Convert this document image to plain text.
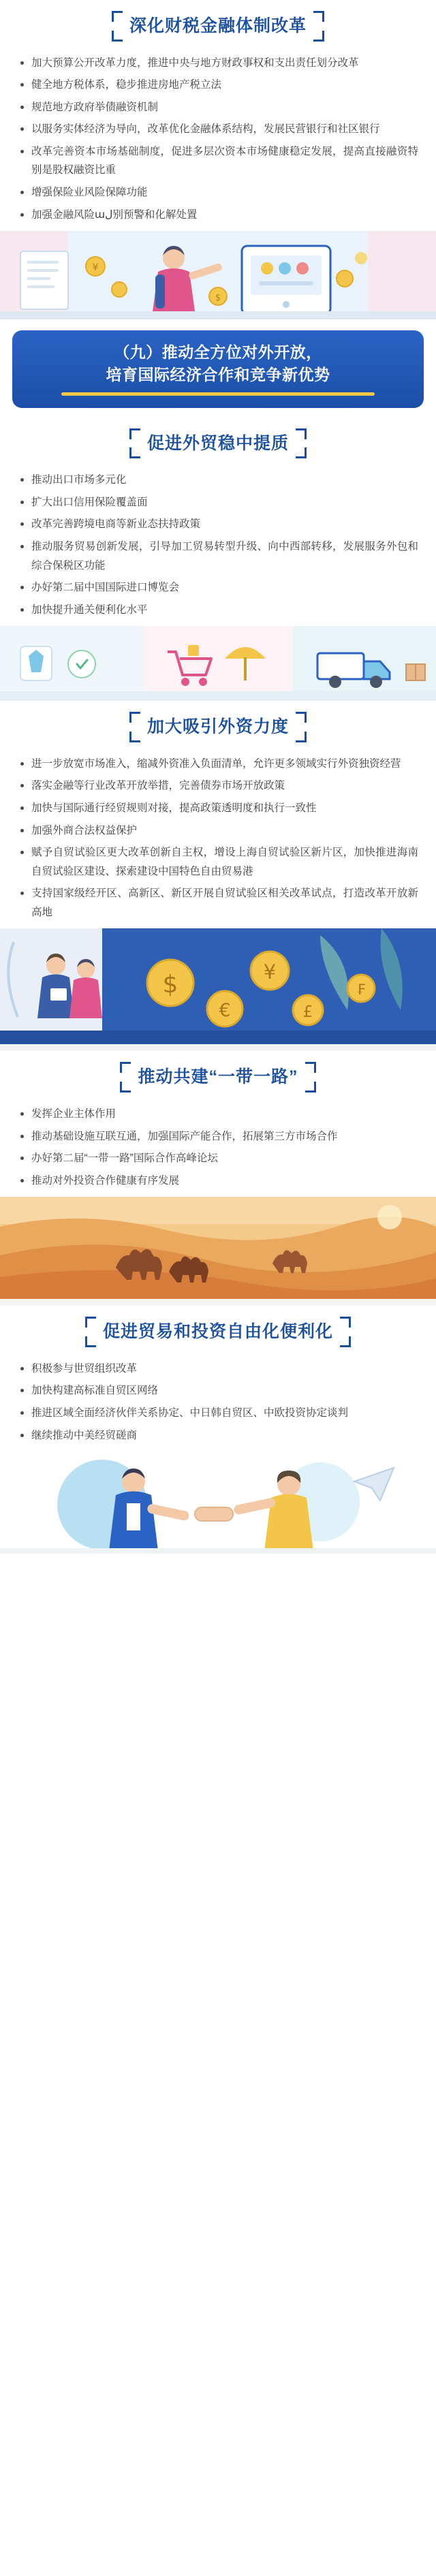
深化财税金融体制改革
加大预算公开改革力度，推进中央与地方财政事权和支出责任划分改革
健全地方税体系，稳步推进房地产税立法
规范地方政府举债融资机制
以服务实体经济为导向，改革优化金融体系结构，发展民营银行和社区银行
改革完善资本市场基础制度，促进多层次资本市场健康稳定发展，提高直接融资特别是股权融资比重
增强保险业风险保障功能
加强金融风险աل别预警和化解处置
¥
$
（九）推动全方位对外开放，
培育国际经济合作和竞争新优势
促进外贸稳中提质
推动出口市场多元化
扩大出口信用保险覆盖面
改革完善跨境电商等新业态扶持政策
推动服务贸易创新发展，引导加工贸易转型升级、向中西部转移，发展服务外包和综合保税区功能
办好第二届中国国际进口博览会
加快提升通关便利化水平
加大吸引外资力度
进一步放宽市场准入，缩减外资准入负面清单，允许更多领域实行外资独资经营
落实金融等行业改革开放举措，完善债券市场开放政策
加快与国际通行经贸规则对接，提高政策透明度和执行一致性
加强外商合法权益保护
赋予自贸试验区更大改革创新自主权，增设上海自贸试验区新片区，加快推进海南自贸试验区建设、探索建设中国特色自由贸易港
支持国家级经开区、高新区、新区开展自贸试验区相关改革试点，打造改革开放新高地
$
€
¥
£
₣
推动共建“一带一路”
发挥企业主体作用
推动基础设施互联互通，加强国际产能合作，拓展第三方市场合作
办好第二届“一带一路”国际合作高峰论坛
推动对外投资合作健康有序发展
促进贸易和投资自由化便利化
积极参与世贸组织改革
加快构建高标准自贸区网络
推进区域全面经济伙伴关系协定、中日韩自贸区、中欧投资协定谈判
继续推动中美经贸磋商
